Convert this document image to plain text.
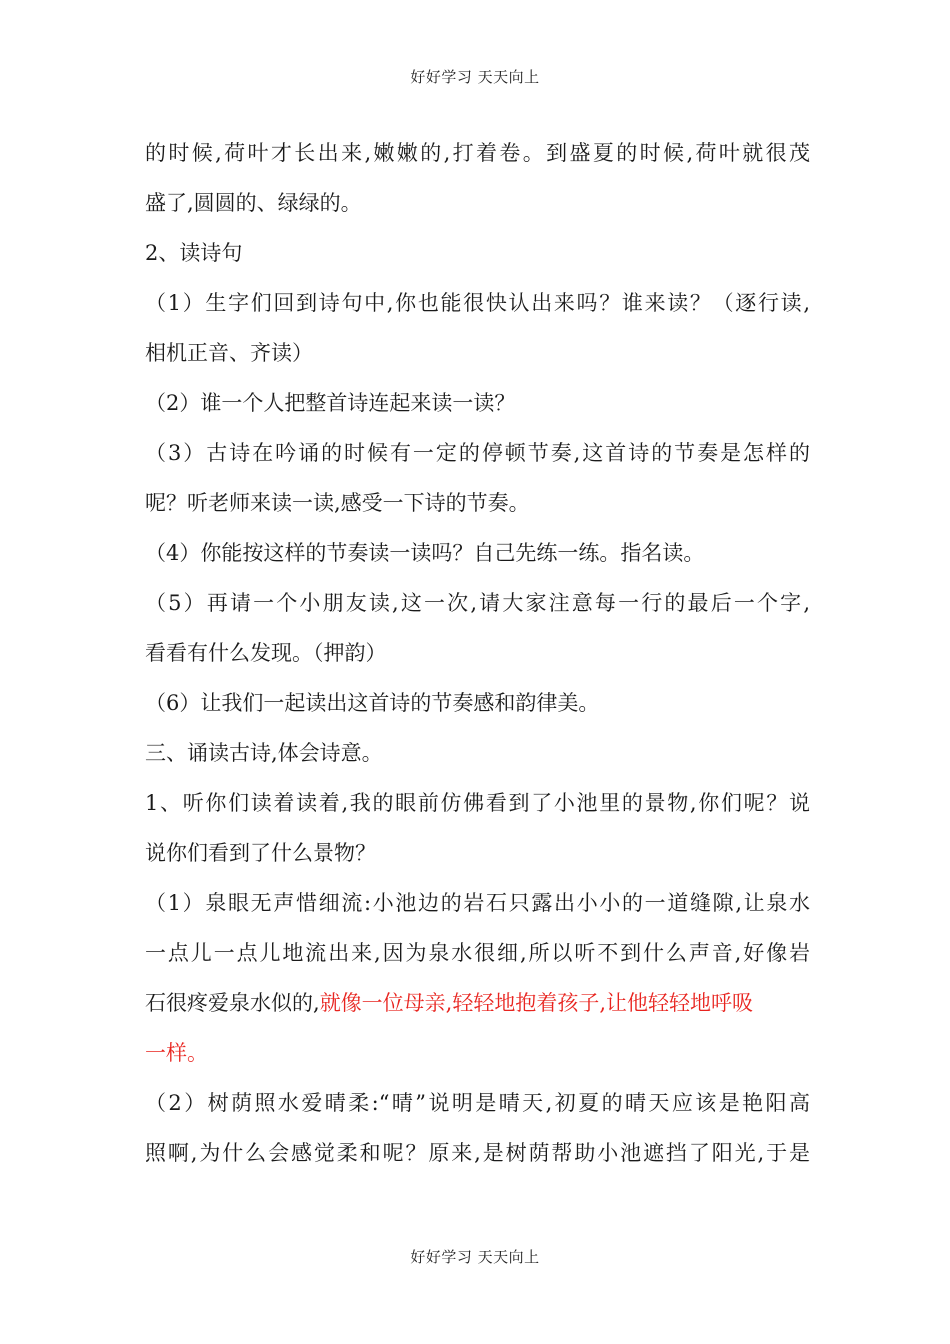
好好学习 天天向上
的时候,荷叶才长出来,嫩嫩的,打着卷。到盛夏的时候,荷叶就很茂
盛了,圆圆的、绿绿的。
2、读诗句
（1）生字们回到诗句中,你也能很快认出来吗？谁来读？（逐行读,
相机正音、齐读）
（2）谁一个人把整首诗连起来读一读？
（3）古诗在吟诵的时候有一定的停顿节奏,这首诗的节奏是怎样的
呢？听老师来读一读,感受一下诗的节奏。
（4）你能按这样的节奏读一读吗？自己先练一练。指名读。
（5）再请一个小朋友读,这一次,请大家注意每一行的最后一个字,
看看有什么发现。（押韵）
（6）让我们一起读出这首诗的节奏感和韵律美。
三、诵读古诗,体会诗意。
1、听你们读着读着,我的眼前仿佛看到了小池里的景物,你们呢？说
说你们看到了什么景物？
（1）泉眼无声惜细流:小池边的岩石只露出小小的一道缝隙,让泉水
一点儿一点儿地流出来,因为泉水很细,所以听不到什么声音,好像岩
石很疼爱泉水似的,就像一位母亲,轻轻地抱着孩子,让他轻轻地呼吸
一样。
（2）树荫照水爱晴柔:“晴”说明是晴天,初夏的晴天应该是艳阳高
照啊,为什么会感觉柔和呢？原来,是树荫帮助小池遮挡了阳光,于是
好好学习 天天向上
